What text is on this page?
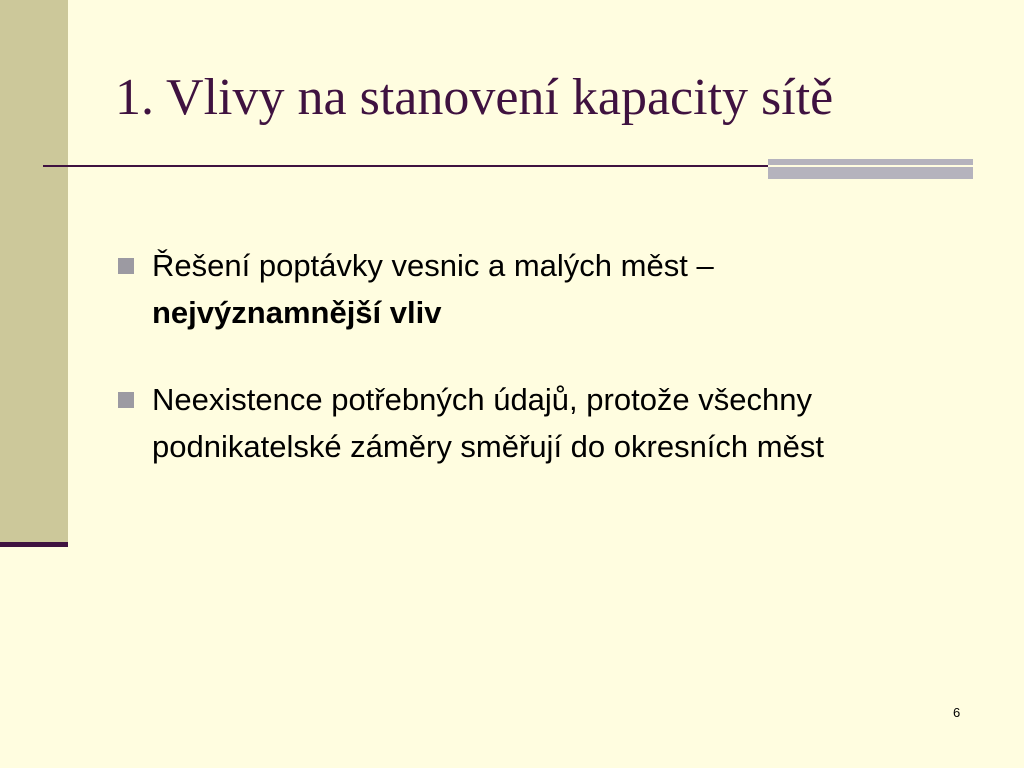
1. Vlivy na stanovení kapacity sítě
Řešení poptávky vesnic a malých měst –
nejvýznamnější vliv
Neexistence potřebných údajů, protože všechny podnikatelské záměry směřují do okresních měst
6
